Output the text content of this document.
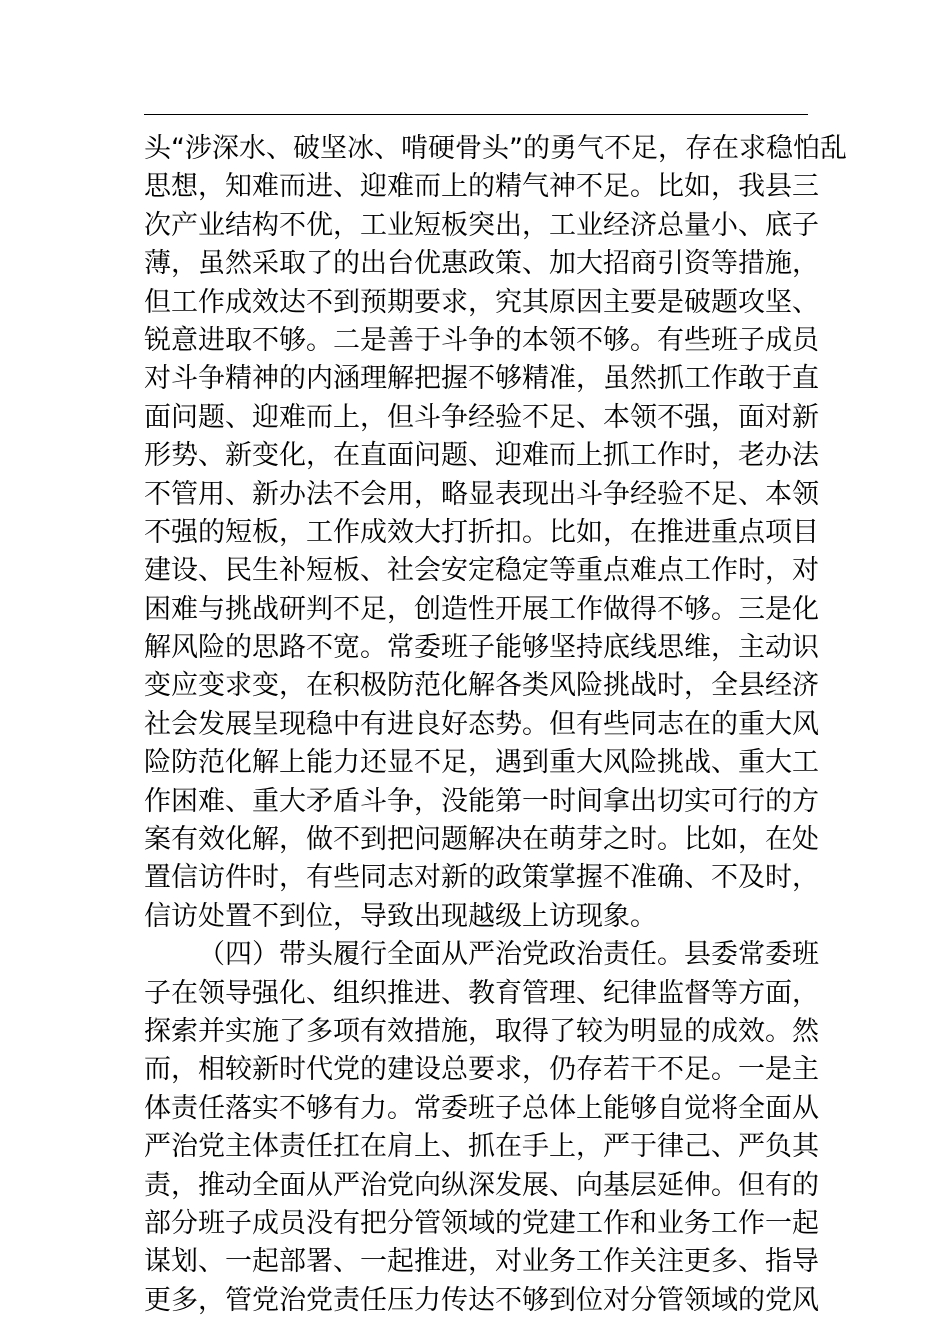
头“涉深水、破坚冰、啃硬骨头”的勇气不足，存在求稳怕乱
思想，知难而进、迎难而上的精气神不足。比如，我县三
次产业结构不优，工业短板突出，工业经济总量小、底子
薄，虽然采取了的出台优惠政策、加大招商引资等措施，
但工作成效达不到预期要求，究其原因主要是破题攻坚、
锐意进取不够。二是善于斗争的本领不够。有些班子成员
对斗争精神的内涵理解把握不够精准，虽然抓工作敢于直
面问题、迎难而上，但斗争经验不足、本领不强，面对新
形势、新变化，在直面问题、迎难而上抓工作时，老办法
不管用、新办法不会用，略显表现出斗争经验不足、本领
不强的短板，工作成效大打折扣。比如，在推进重点项目
建设、民生补短板、社会安定稳定等重点难点工作时，对
困难与挑战研判不足，创造性开展工作做得不够。三是化
解风险的思路不宽。常委班子能够坚持底线思维，主动识
变应变求变，在积极防范化解各类风险挑战时，全县经济
社会发展呈现稳中有进良好态势。但有些同志在的重大风
险防范化解上能力还显不足，遇到重大风险挑战、重大工
作困难、重大矛盾斗争，没能第一时间拿出切实可行的方
案有效化解，做不到把问题解决在萌芽之时。比如，在处
置信访件时，有些同志对新的政策掌握不准确、不及时，
信访处置不到位，导致出现越级上访现象。
（四）带头履行全面从严治党政治责任。县委常委班
子在领导强化、组织推进、教育管理、纪律监督等方面，
探索并实施了多项有效措施，取得了较为明显的成效。然
而，相较新时代党的建设总要求，仍存若干不足。一是主
体责任落实不够有力。常委班子总体上能够自觉将全面从
严治党主体责任扛在肩上、抓在手上，严于律己、严负其
责，推动全面从严治党向纵深发展、向基层延伸。但有的
部分班子成员没有把分管领域的党建工作和业务工作一起
谋划、一起部署、一起推进，对业务工作关注更多、指导
更多，管党治党责任压力传达不够到位对分管领域的党风
